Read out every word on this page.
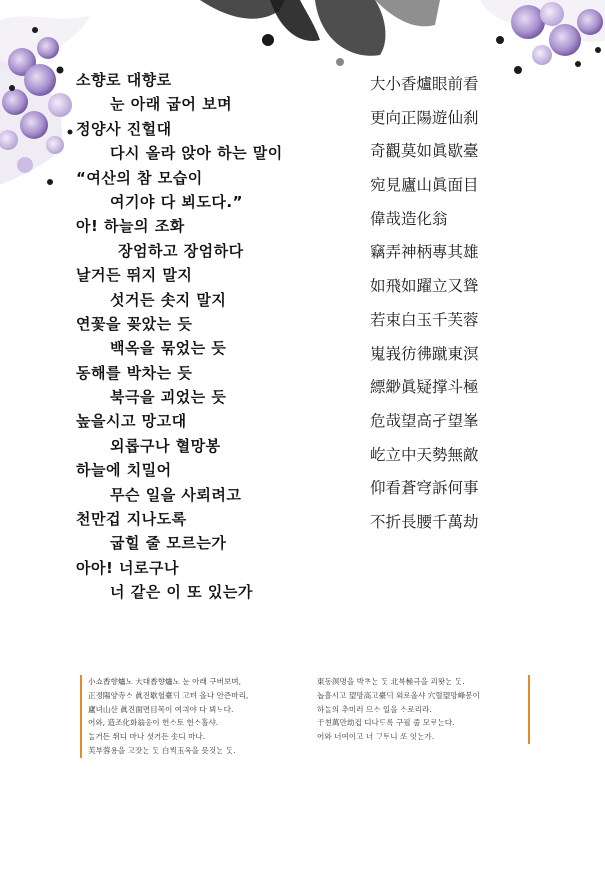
소향로 대향로
눈 아래 굽어 보며
정양사 진헐대
다시 올라 앉아 하는 말이
“여산의 참 모습이
여기야 다 뵈도다.”
아! 하늘의 조화
장엄하고 장엄하다
날거든 뛰지 말지
섯거든 솟지 말지
연꽃을 꽂았는 듯
백옥을 묶었는 듯
동해를 박차는 듯
북극을 괴었는 듯
높을시고 망고대
외롭구나 혈망봉
하늘에 치밀어
무슨 일을 사뢰려고
천만겁 지나도록
굽힐 줄 모르는가
아아! 너로구나
너 같은 이 또 있는가
大小香爐眼前看
更向正陽遊仙刹
奇觀莫如眞歇臺
宛見廬山眞面目
偉哉造化翁
竊弄神柄專其雄
如飛如躍立又聳
若束白玉千芙蓉
嵬峩彷彿蹴東溟
縹緲眞疑撑斗極
危哉望高孑望峯
屹立中天勢無敵
仰看蒼穹訴何事
不折長腰千萬劫
小쇼香향爐노 大대香향爐노 눈 아래 구버보며,
正졍陽양寺ᄉᆞ 眞진歇헐臺ᄃᆡ 고텨 올나 안즌마리,
廬녀山산 眞진面면目목이 여긔야 다 뵈ᄂᆞ다.
어와, 造조化화翁옹이 헌ᄉᆞ토 헌ᄉᆞ홀샤.
ᄂᆞᆯ거든 ᄯᅱ디 마나 셧거든 솟디 마나.
芙부蓉용을 고잣ᄂᆞᆫ ᄃᆞᆺ 白ᄇᆡᆨ玉옥을 믓것ᄂᆞᆫ ᄃᆞᆺ.
東동溟명을 박ᄎᆞᄂᆞᆫ ᄃᆞᆺ 北븍極극을 괴왓ᄂᆞᆫ ᄃᆞᆺ.
놉흘시고 望망高고臺ᄃᆡ 외로올샤 穴혈望망峰봉이
하ᄂᆞᆯ의 추미러 므ᄉᆞ 일을 ᄉᆞ로리라.
千쳔萬만劫겁 디나ᄃᆞ록 구필 줄 모ᄅᆞᄂᆞᆫ다.
어와 너여이고 너 ᄀᆞᄐᆞ니 ᄯᅩ 잇ᄂᆞᆫ가.
